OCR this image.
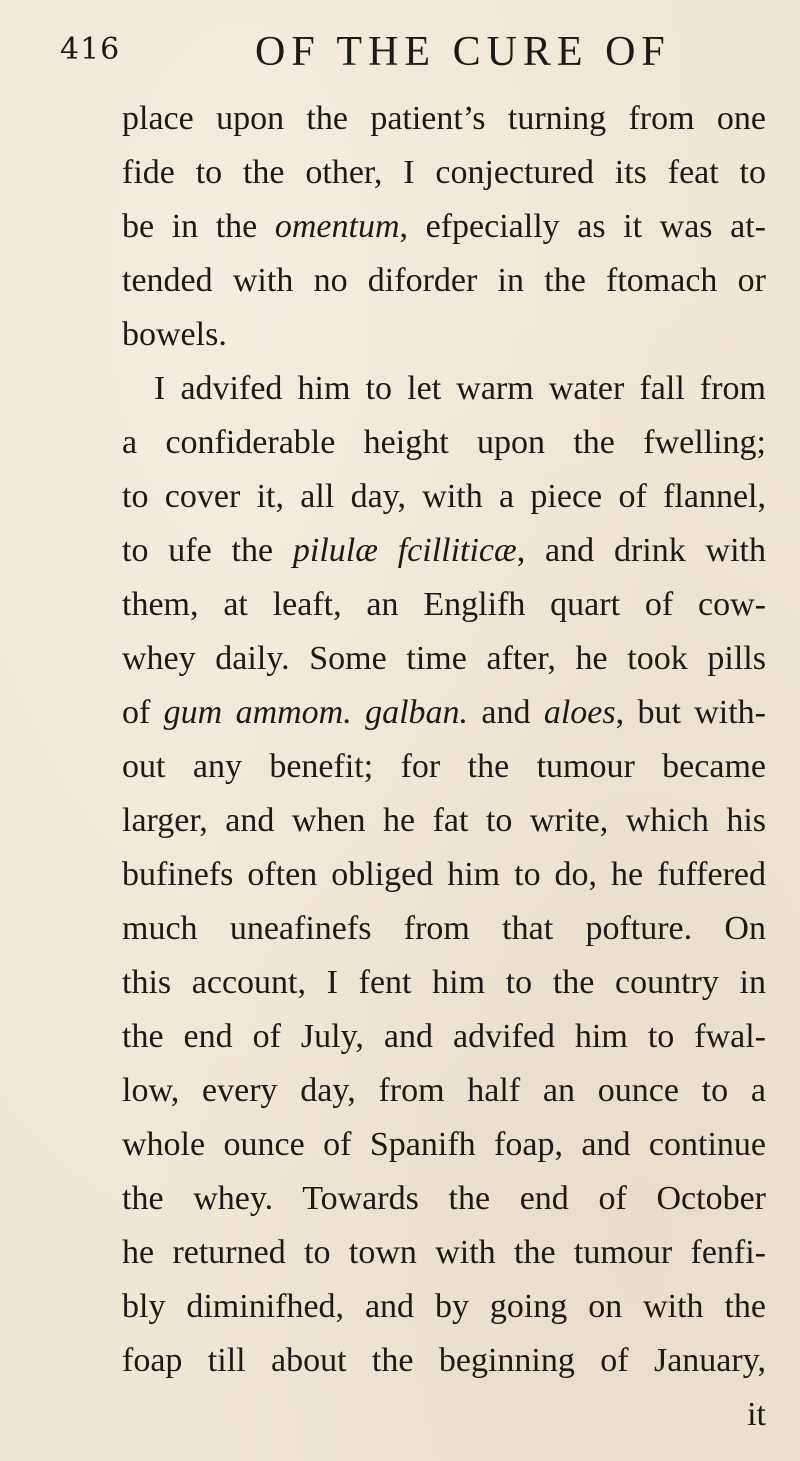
416	OF THE CURE OF
place upon the patient’s turning from one
fide to the other, I conjectured its feat to
be in the omentum, efpecially as it was at-
tended with no diforder in the ftomach or
bowels.
I advifed him to let warm water fall from
a confiderable height upon the fwelling;
to cover it, all day, with a piece of flannel,
to ufe the pilulæ fcillitic​æ, and drink with
them, at leaft, an Englifh quart of cow-
whey daily. Some time after, he took pills
of gum ammom. galban. and aloes, but with-
out any benefit; for the tumour became
larger, and when he fat to write, which his
bufinefs often obliged him to do, he fuffered
much uneafinefs from that pofture. On
this account, I fent him to the country in
the end of July, and advifed him to fwal-
low, every day, from half an ounce to a
whole ounce of Spanifh foap, and continue
the whey. Towards the end of October
he returned to town with the tumour fenfi-
bly diminifhed, and by going on with the
foap till about the beginning of January,
it
